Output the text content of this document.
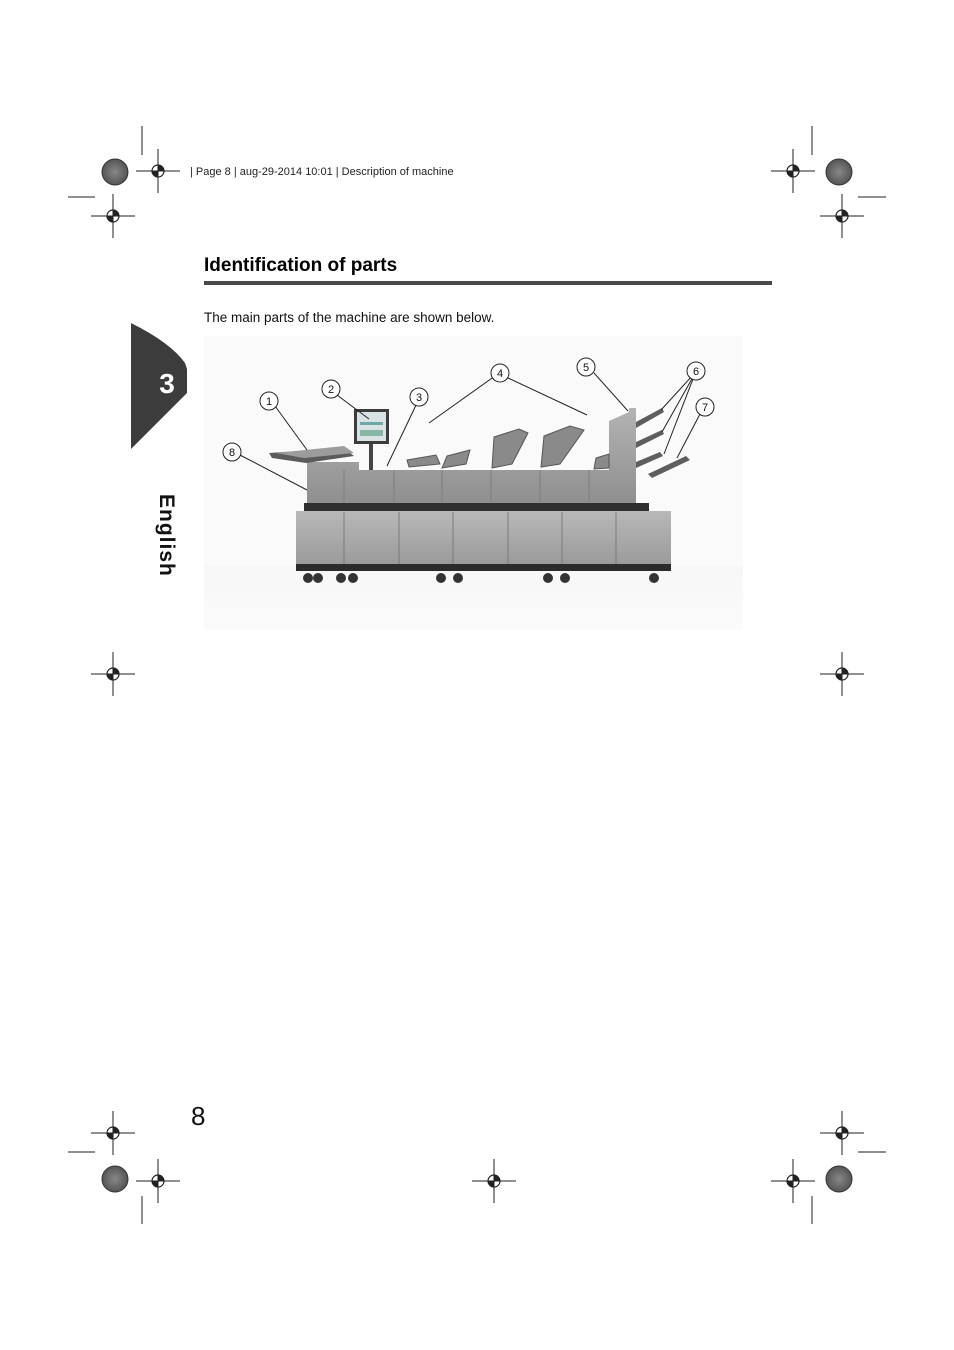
| Page 8 | aug-29-2014 10:01 | Description of machine
Identification of parts
The main parts of the machine are shown below.
3
English
1
2
3
4	5	6
7
8
8
